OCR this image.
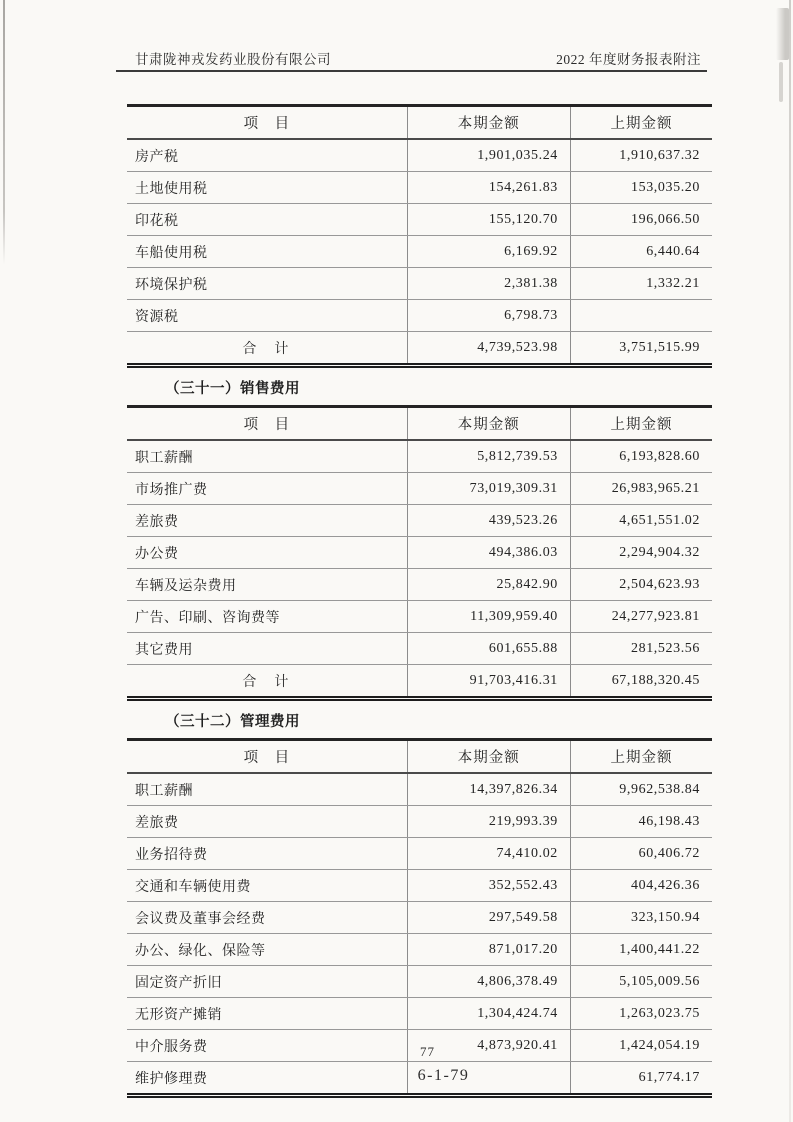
甘肃陇神戎发药业股份有限公司	2022 年度财务报表附注
项　目	本期金额	上期金额
房产税	1,901,035.24	1,910,637.32
土地使用税	154,261.83	153,035.20
印花税	155,120.70	196,066.50
车船使用税	6,169.92	6,440.64
环境保护税	2,381.38	1,332.21
资源税	6,798.73	
合　计	4,739,523.98	3,751,515.99
（三十一）销售费用
项　目	本期金额	上期金额
职工薪酬	5,812,739.53	6,193,828.60
市场推广费	73,019,309.31	26,983,965.21
差旅费	439,523.26	4,651,551.02
办公费	494,386.03	2,294,904.32
车辆及运杂费用	25,842.90	2,504,623.93
广告、印刷、咨询费等	11,309,959.40	24,277,923.81
其它费用	601,655.88	281,523.56
合　计	91,703,416.31	67,188,320.45
（三十二）管理费用
项　目	本期金额	上期金额
职工薪酬	14,397,826.34	9,962,538.84
差旅费	219,993.39	46,198.43
业务招待费	74,410.02	60,406.72
交通和车辆使用费	352,552.43	404,426.36
会议费及董事会经费	297,549.58	323,150.94
办公、绿化、保险等	871,017.20	1,400,441.22
固定资产折旧	4,806,378.49	5,105,009.56
无形资产摊销	1,304,424.74	1,263,023.75
中介服务费	4,873,920.41	1,424,054.19
维护修理费		61,774.17
77
6-1-79
